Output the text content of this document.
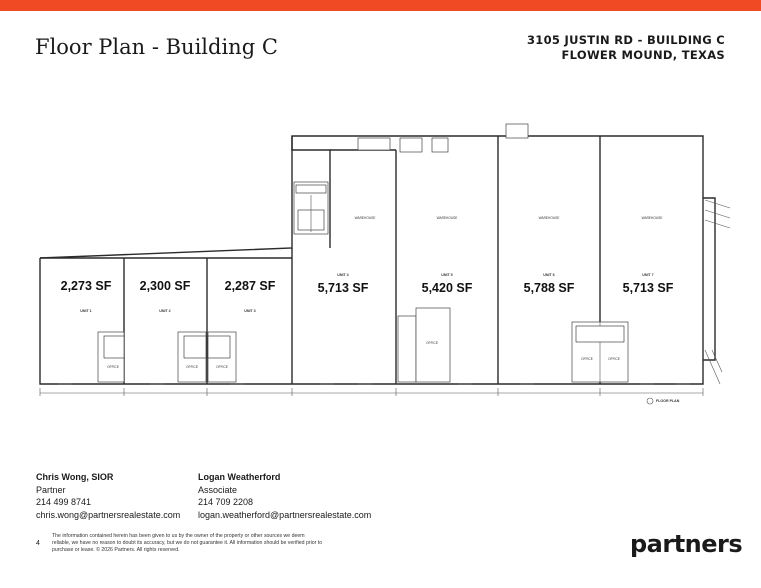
Floor Plan - Building C	3105 JUSTIN RD - BUILDING C
FLOWER MOUND, TEXAS
2,273 SF 2,300 SF	2,287 SF	5,713 SF	5,420 SF	5,788 SF	5,713 SF
UNIT 1	UNIT 2	UNIT 3
UNIT 4	UNIT 5	UNIT 6	UNIT 7
WAREHOUSE	WAREHOUSE	WAREHOUSE	WAREHOUSE
OFFICE	OFFICE	OFFICE
OFFICE
OFFICE	OFFICE
FLOOR PLAN
Chris Wong, SIOR
Partner
214 499 8741
chris.wong@partnersrealestate.com
Logan Weatherford
Associate
214 709 2208
logan.weatherford@partnersrealestate.com
4
The information contained herein has been given to us by the owner of the property or other sources we deem reliable, we have no reason to doubt its accuracy, but we do not guarantee it. All information should be verified prior to purchase or lease. © 2026 Partners. All rights reserved.	partners
